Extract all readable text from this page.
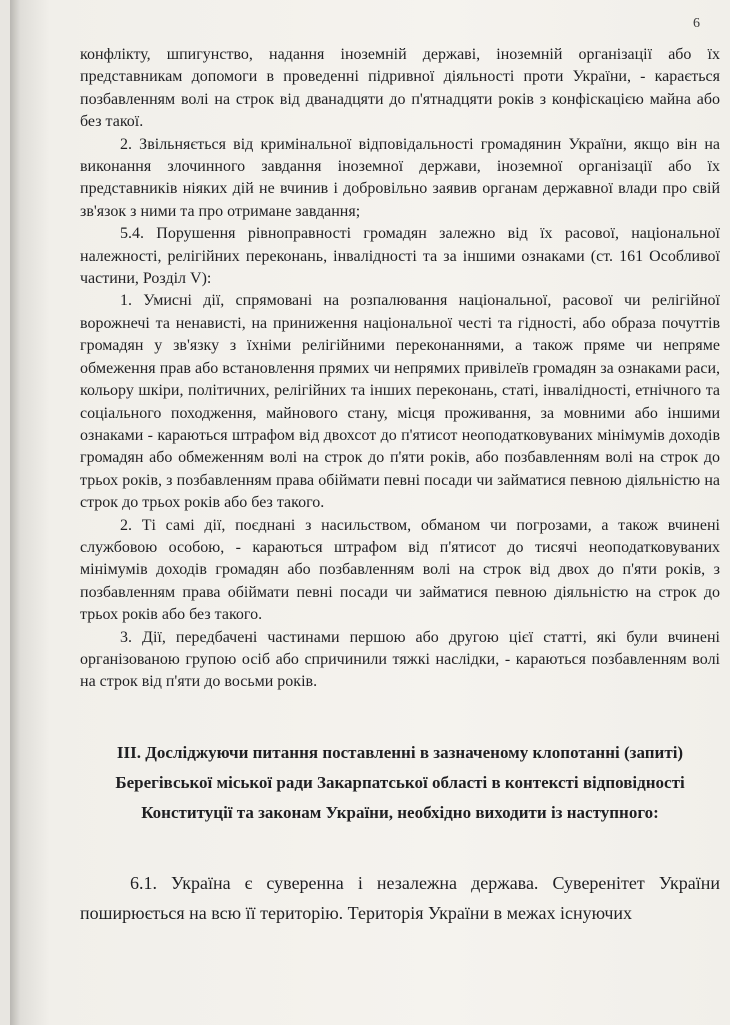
6

конфлікту, шпигунство, надання іноземній державі, іноземній організації або їх представникам допомоги в проведенні підривної діяльності проти України, - карається позбавленням волі на строк від дванадцяти до п'ятнадцяти років з конфіскацією майна або без такої.

2. Звільняється від кримінальної відповідальності громадянин України, якщо він на виконання злочинного завдання іноземної держави, іноземної організації або їх представників ніяких дій не вчинив і добровільно заявив органам державної влади про свій зв'язок з ними та про отримане завдання;

5.4. Порушення рівноправності громадян залежно від їх расової, національної належності, релігійних переконань, інвалідності та за іншими ознаками (ст. 161 Особливої частини, Розділ V):

1. Умисні дії, спрямовані на розпалювання національної, расової чи релігійної ворожнечі та ненависті, на приниження національної честі та гідності, або образа почуттів громадян у зв'язку з їхніми релігійними переконаннями, а також пряме чи непряме обмеження прав або встановлення прямих чи непрямих привілеїв громадян за ознаками раси, кольору шкіри, політичних, релігійних та інших переконань, статі, інвалідності, етнічного та соціального походження, майнового стану, місця проживання, за мовними або іншими ознаками - караються штрафом від двохсот до п'ятисот неоподатковуваних мінімумів доходів громадян або обмеженням волі на строк до п'яти років, або позбавленням волі на строк до трьох років, з позбавленням права обіймати певні посади чи займатися певною діяльністю на строк до трьох років або без такого.

2. Ті самі дії, поєднані з насильством, обманом чи погрозами, а також вчинені службовою особою, - караються штрафом від п'ятисот до тисячі неоподатковуваних мінімумів доходів громадян або позбавленням волі на строк від двох до п'яти років, з позбавленням права обіймати певні посади чи займатися певною діяльністю на строк до трьох років або без такого.

3. Дії, передбачені частинами першою або другою цієї статті, які були вчинені організованою групою осіб або спричинили тяжкі наслідки, - караються позбавленням волі на строк від п'яти до восьми років.

III. Досліджуючи питання поставленні в зазначеному клопотанні (запиті) Берегівської міської ради Закарпатської області в контексті відповідності Конституції та законам України, необхідно виходити із наступного:

6.1. Україна є суверенна і незалежна держава. Суверенітет України поширюється на всю її територію. Територія України в межах існуючих
